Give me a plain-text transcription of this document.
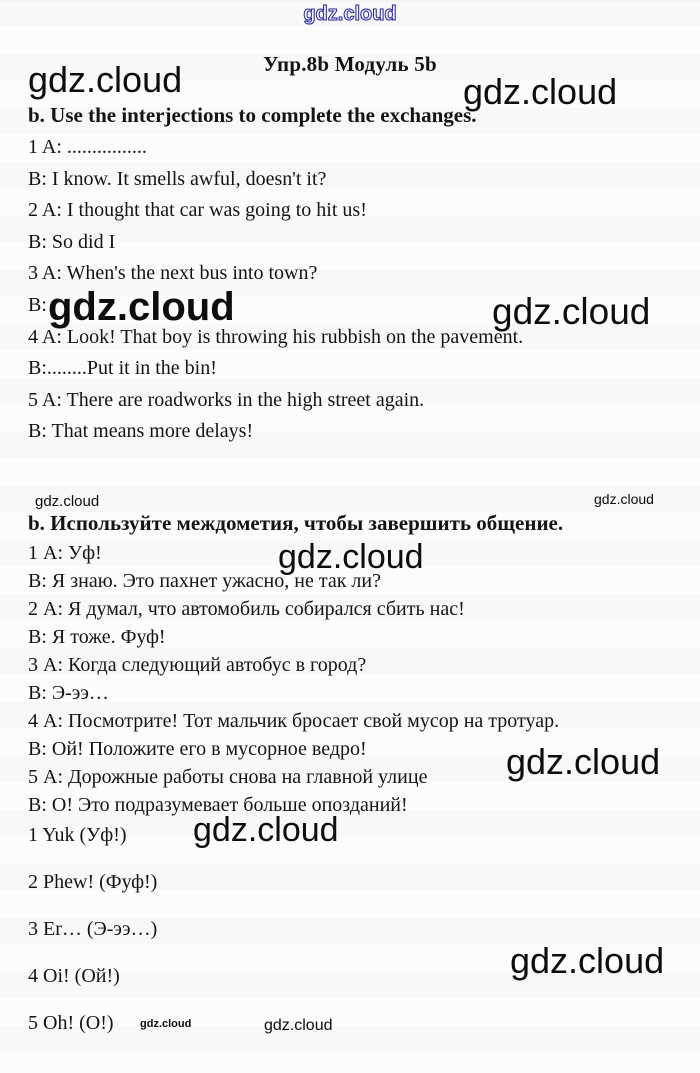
gdz.cloud
gdz.cloud	gdz.cloud
gdz.cloud	gdz.cloud
gdz.cloud	gdz.cloud
gdz.cloud
gdz.cloud
gdz.cloud
gdz.cloud
gdz.cloud	gdz.cloud
Упр.8b Модуль 5b
b. Use the interjections to complete the exchanges.
1 A: ................
B: I know. It smells awful, doesn't it?
2 A: I thought that car was going to hit us!
B: So did I
3 A: When's the next bus into town?
B:
4 A: Look! That boy is throwing his rubbish on the pavement.
B:........Put it in the bin!
5 A: There are roadworks in the high street again.
B: That means more delays!
b. Используйте междометия, чтобы завершить общение.
1 А: Уф!
В: Я знаю. Это пахнет ужасно, не так ли?
2 А: Я думал, что автомобиль собирался сбить нас!
В: Я тоже. Фуф!
3 А: Когда следующий автобус в город?
В: Э-ээ…
4 А: Посмотрите! Тот мальчик бросает свой мусор на тротуар.
В: Ой! Положите его в мусорное ведро!
5 А: Дорожные работы снова на главной улице
В: О! Это подразумевает больше опозданий!
1 Yuk (Уф!)
2 Phew! (Фуф!)
3 Er… (Э-ээ…)
4 Oi! (Ой!)
5 Oh! (О!)
